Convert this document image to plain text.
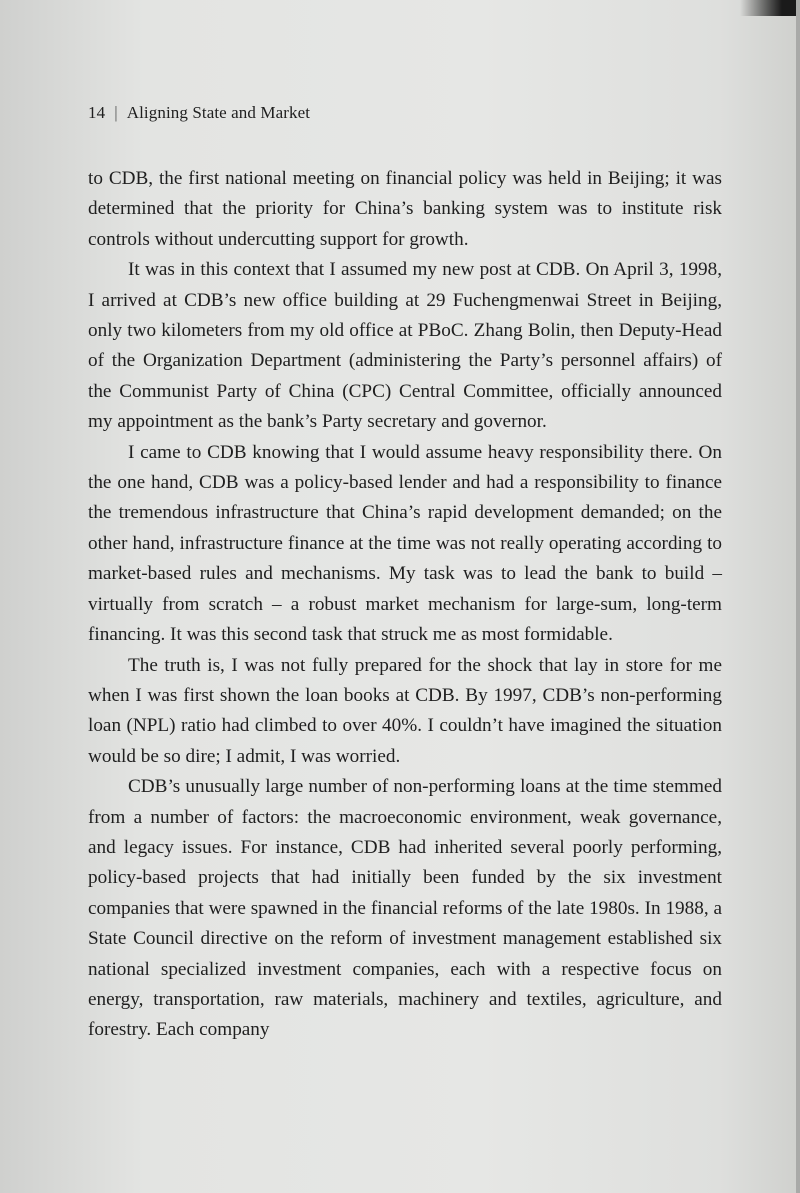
14 | Aligning State and Market

to CDB, the first national meeting on financial policy was held in Beijing; it was determined that the priority for China’s banking system was to institute risk controls without undercutting support for growth.

It was in this context that I assumed my new post at CDB. On April 3, 1998, I arrived at CDB’s new office building at 29 Fuchengmenwai Street in Beijing, only two kilometers from my old office at PBoC. Zhang Bolin, then Deputy-Head of the Organization Department (administering the Party’s personnel affairs) of the Communist Party of China (CPC) Central Committee, officially announced my appointment as the bank’s Party secretary and governor.

I came to CDB knowing that I would assume heavy responsibility there. On the one hand, CDB was a policy-based lender and had a responsibility to finance the tremendous infrastructure that China’s rapid development demanded; on the other hand, infrastructure finance at the time was not really operating according to market-based rules and mechanisms. My task was to lead the bank to build – virtually from scratch – a robust market mechanism for large-sum, long-term financing. It was this second task that struck me as most formidable.

The truth is, I was not fully prepared for the shock that lay in store for me when I was first shown the loan books at CDB. By 1997, CDB’s non-performing loan (NPL) ratio had climbed to over 40%. I couldn’t have imagined the situation would be so dire; I admit, I was worried.

CDB’s unusually large number of non-performing loans at the time stemmed from a number of factors: the macroeconomic environment, weak governance, and legacy issues. For instance, CDB had inherited several poorly performing, policy-based projects that had initially been funded by the six investment companies that were spawned in the financial reforms of the late 1980s. In 1988, a State Council directive on the reform of investment management established six national specialized investment companies, each with a respective focus on energy, transportation, raw materials, machinery and textiles, agriculture, and forestry. Each company
